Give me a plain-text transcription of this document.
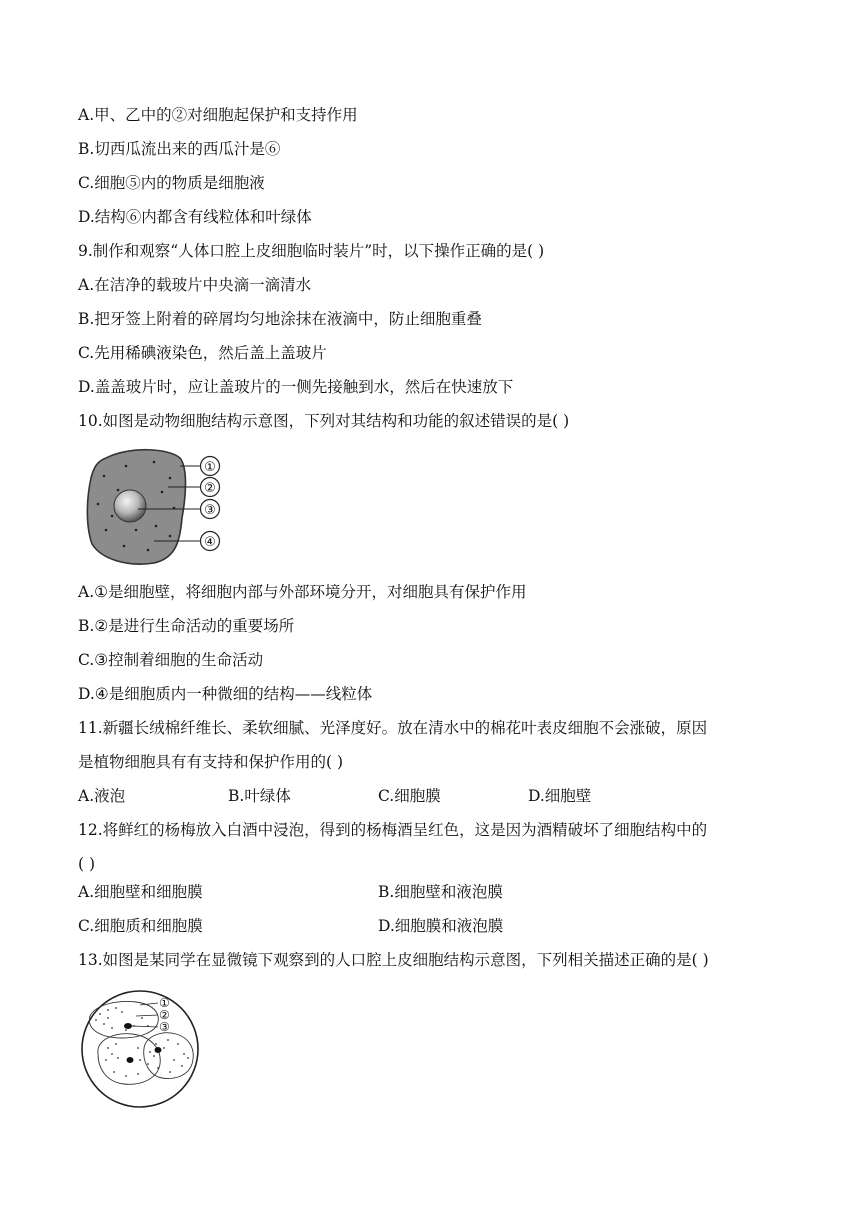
A.甲、乙中的②对细胞起保护和支持作用
B.切西瓜流出来的西瓜汁是⑥
C.细胞⑤内的物质是细胞液
D.结构⑥内都含有线粒体和叶绿体
9.制作和观察“人体口腔上皮细胞临时装片”时，以下操作正确的是( )
A.在洁净的载玻片中央滴一滴清水
B.把牙签上附着的碎屑均匀地涂抹在液滴中，防止细胞重叠
C.先用稀碘液染色，然后盖上盖玻片
D.盖盖玻片时，应让盖玻片的一侧先接触到水，然后在快速放下
10.如图是动物细胞结构示意图，下列对其结构和功能的叙述错误的是( )
①
②
③
④
A.①是细胞壁，将细胞内部与外部环境分开，对细胞具有保护作用
B.②是进行生命活动的重要场所
C.③控制着细胞的生命活动
D.④是细胞质内一种微细的结构——线粒体
11.新疆长绒棉纤维长、柔软细腻、光泽度好。放在清水中的棉花叶表皮细胞不会涨破，原因
是植物细胞具有有支持和保护作用的( )
A.液泡	B.叶绿体	C.细胞膜	D.细胞壁
12.将鲜红的杨梅放入白酒中浸泡，得到的杨梅酒呈红色，这是因为酒精破坏了细胞结构中的
( )
A.细胞壁和细胞膜	B.细胞壁和液泡膜
C.细胞质和细胞膜	D.细胞膜和液泡膜
13.如图是某同学在显微镜下观察到的人口腔上皮细胞结构示意图，下列相关描述正确的是( )
①
②
③
